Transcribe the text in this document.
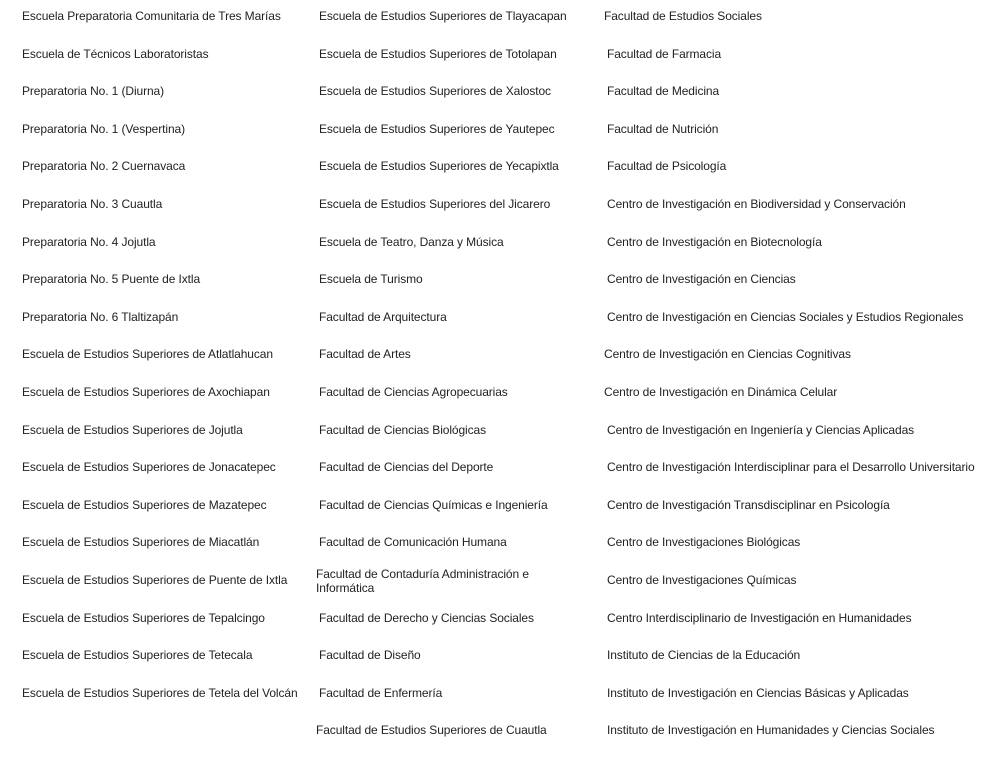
Escuela Preparatoria Comunitaria de Tres Marías
Escuela de Técnicos Laboratoristas
Preparatoria No. 1 (Diurna)
Preparatoria No. 1 (Vespertina)
Preparatoria No. 2 Cuernavaca
Preparatoria No. 3 Cuautla
Preparatoria No. 4 Jojutla
Preparatoria No. 5 Puente de Ixtla
Preparatoria No. 6 Tlaltizapán
Escuela de Estudios Superiores de Atlatlahucan
Escuela de Estudios Superiores de Axochiapan
Escuela de Estudios Superiores de Jojutla
Escuela de Estudios Superiores de Jonacatepec
Escuela de Estudios Superiores de Mazatepec
Escuela de Estudios Superiores de Miacatlán
Escuela de Estudios Superiores de Puente de Ixtla
Escuela de Estudios Superiores de Tepalcingo
Escuela de Estudios Superiores de Tetecala
Escuela de Estudios Superiores de Tetela del Volcán
Escuela de Estudios Superiores de Tlayacapan
Escuela de Estudios Superiores de Totolapan
Escuela de Estudios Superiores de Xalostoc
Escuela de Estudios Superiores de Yautepec
Escuela de Estudios Superiores de Yecapixtla
Escuela de Estudios Superiores del Jicarero
Escuela de Teatro, Danza y Música
Escuela de Turismo
Facultad de Arquitectura
Facultad de Artes
Facultad de Ciencias Agropecuarias
Facultad de Ciencias Biológicas
Facultad de Ciencias del Deporte
Facultad de Ciencias Químicas e Ingeniería
Facultad de Comunicación Humana
Facultad de Contaduría Administración e Informática
Facultad de Derecho y Ciencias Sociales
Facultad de Diseño
Facultad de Enfermería
Facultad de Estudios Superiores de Cuautla
Facultad de Estudios Sociales
Facultad de Farmacia
Facultad de Medicina
Facultad de Nutrición
Facultad de Psicología
Centro de Investigación en Biodiversidad y Conservación
Centro de Investigación en Biotecnología
Centro de Investigación en Ciencias
Centro de Investigación en Ciencias Sociales y Estudios Regionales
Centro de Investigación en Ciencias Cognitivas
Centro de Investigación en Dinámica Celular
Centro de Investigación en Ingeniería y Ciencias Aplicadas
Centro de Investigación Interdisciplinar para el Desarrollo Universitario
Centro de Investigación Transdisciplinar en Psicología
Centro de Investigaciones Biológicas
Centro de Investigaciones Químicas
Centro Interdisciplinario de Investigación en Humanidades
Instituto de Ciencias de la Educación
Instituto de Investigación en Ciencias Básicas y Aplicadas
Instituto de Investigación en Humanidades y Ciencias Sociales
